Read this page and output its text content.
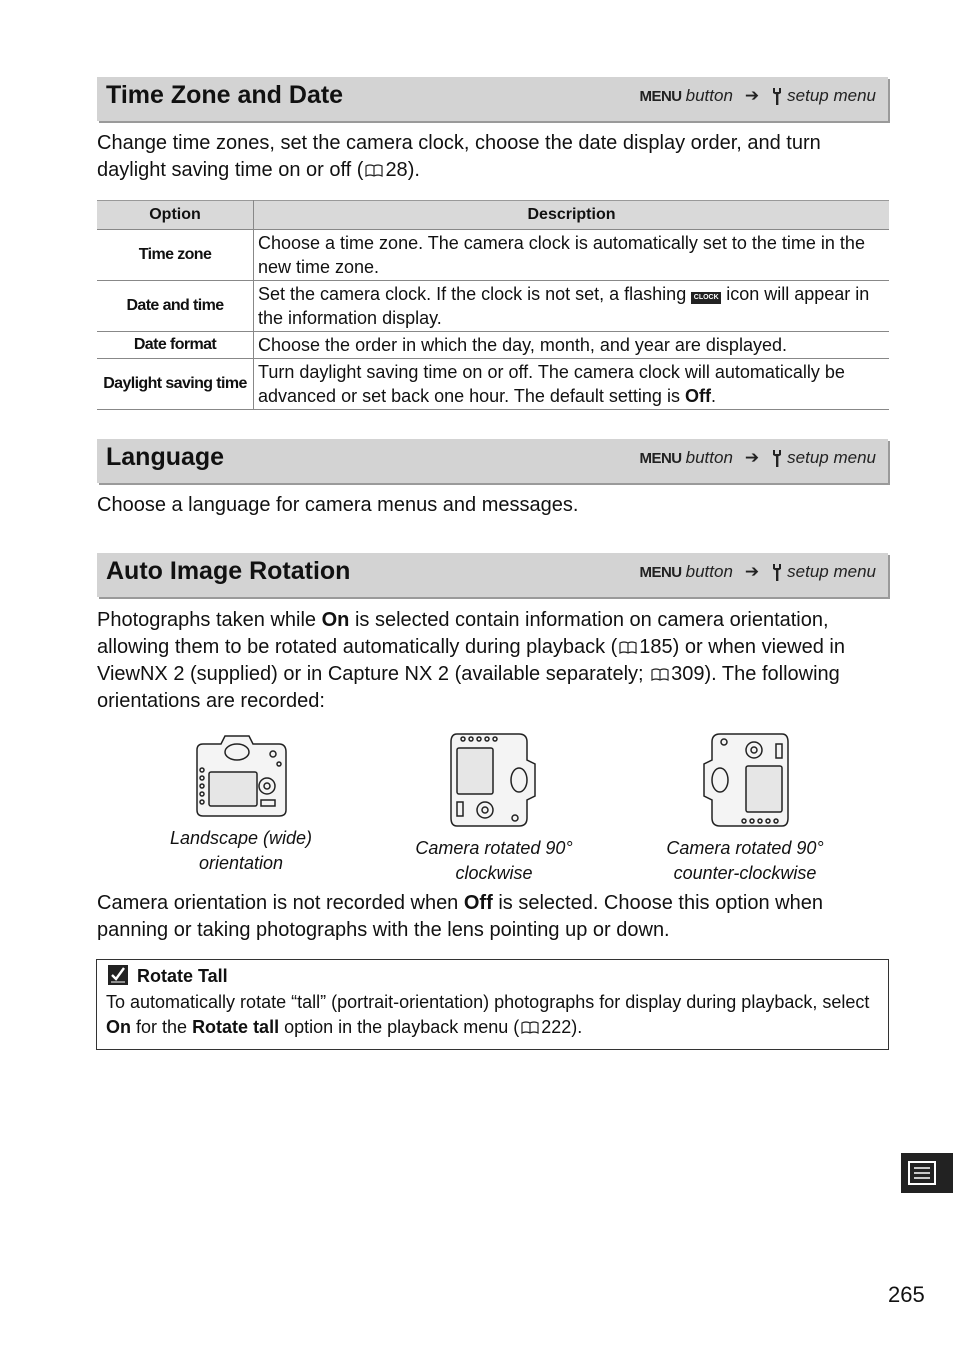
Time Zone and Date	MENU button ➔ setup menu
Change time zones, set the camera clock, choose the date display order, and turn daylight saving time on or off ( 28).
Option	Description
Time zone	Choose a time zone. The camera clock is automatically set to the time in the new time zone.
Date and time	Set the camera clock. If the clock is not set, a flashing CLOCK icon will appear in the information display.
Date format	Choose the order in which the day, month, and year are displayed.
Daylight saving time	Turn daylight saving time on or off. The camera clock will automatically be advanced or set back one hour. The default setting is Off.
Language	MENU button ➔ setup menu
Choose a language for camera menus and messages.
Auto Image Rotation	MENU button ➔ setup menu
Photographs taken while On is selected contain information on camera orientation, allowing them to be rotated automatically during playback ( 185) or when viewed in ViewNX 2 (supplied) or in Capture NX 2 (available separately; 309). The following orientations are recorded:
Landscape (wide)
orientation
Camera rotated 90°
clockwise
Camera rotated 90°
counter-clockwise
Camera orientation is not recorded when Off is selected. Choose this option when panning or taking photographs with the lens pointing up or down.
Rotate Tall
To automatically rotate “tall” (portrait-orientation) photographs for display during playback, select On for the Rotate tall option in the playback menu ( 222).
265
